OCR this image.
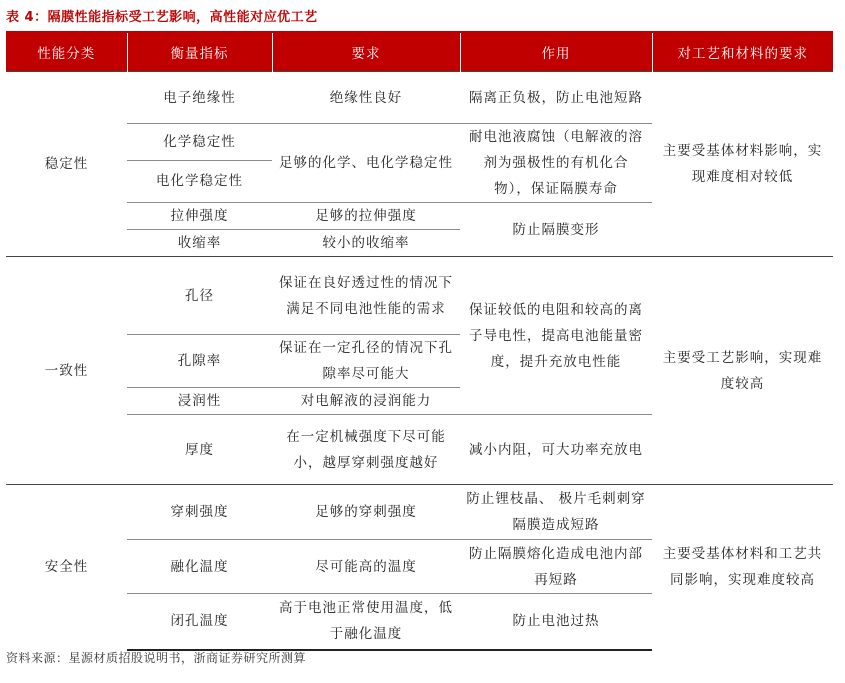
表 4：隔膜性能指标受工艺影响，高性能对应优工艺
性能分类	衡量指标	要求	作用	对工艺和材料的要求
稳定性	电子绝缘性	绝缘性良好	隔离正负极，防止电池短路	主要受基体材料影响，实现难度相对较低
	化学稳定性	足够的化学、电化学稳定性	耐电池液腐蚀（电解液的溶剂为强极性的有机化合物），保证隔膜寿命	
	电化学稳定性			
	拉伸强度	足够的拉伸强度	防止隔膜变形	
	收缩率	较小的收缩率		
一致性	孔径	保证在良好透过性的情况下满足不同电池性能的需求	保证较低的电阻和较高的离子导电性，提高电池能量密度，提升充放电性能	主要受工艺影响，实现难度较高
	孔隙率	保证在一定孔径的情况下孔隙率尽可能大		
	浸润性	对电解液的浸润能力		
	厚度	在一定机械强度下尽可能小，越厚穿刺强度越好	减小内阻，可大功率充放电	
安全性	穿刺强度	足够的穿刺强度	防止锂枝晶、 极片毛刺刺穿隔膜造成短路	主要受基体材料和工艺共同影响，实现难度较高
	融化温度	尽可能高的温度	防止隔膜熔化造成电池内部再短路	
	闭孔温度	高于电池正常使用温度，低于融化温度	防止电池过热	
资料来源：星源材质招股说明书，浙商证券研究所测算
